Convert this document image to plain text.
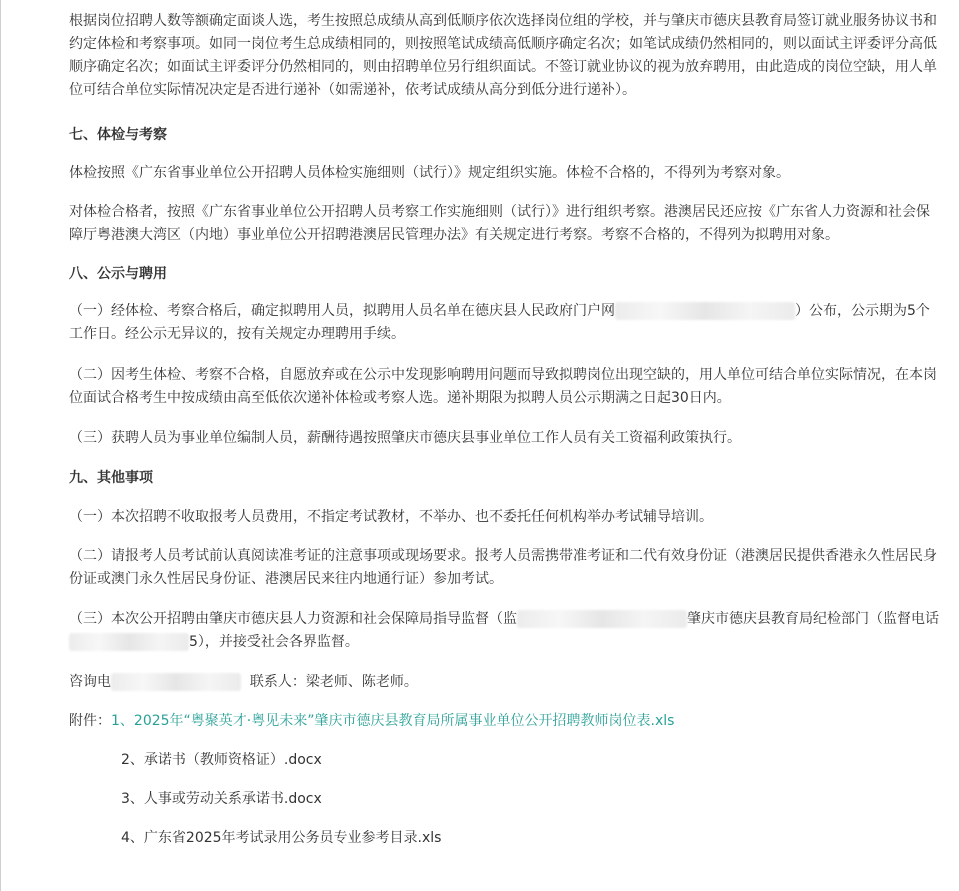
根据岗位招聘人数等额确定面谈人选，考生按照总成绩从高到低顺序依次选择岗位组的学校，并与肇庆市德庆县教育局签订就业服务协议书和约定体检和考察事项。如同一岗位考生总成绩相同的，则按照笔试成绩高低顺序确定名次；如笔试成绩仍然相同的，则以面试主评委评分高低顺序确定名次；如面试主评委评分仍然相同的，则由招聘单位另行组织面试。不签订就业协议的视为放弃聘用，由此造成的岗位空缺，用人单位可结合单位实际情况决定是否进行递补（如需递补，依考试成绩从高分到低分进行递补）。

七、体检与考察

体检按照《广东省事业单位公开招聘人员体检实施细则（试行）》规定组织实施。体检不合格的，不得列为考察对象。

对体检合格者，按照《广东省事业单位公开招聘人员考察工作实施细则（试行）》进行组织考察。港澳居民还应按《广东省人力资源和社会保障厅粤港澳大湾区（内地）事业单位公开招聘港澳居民管理办法》有关规定进行考察。考察不合格的，不得列为拟聘用对象。

八、公示与聘用

（一）经体检、考察合格后，确定拟聘用人员，拟聘用人员名单在德庆县人民政府门户网	）公布，公示期为5个工作日。经公示无异议的，按有关规定办理聘用手续。

（二）因考生体检、考察不合格，自愿放弃或在公示中发现影响聘用问题而导致拟聘岗位出现空缺的，用人单位可结合单位实际情况，在本岗位面试合格考生中按成绩由高至低依次递补体检或考察人选。递补期限为拟聘人员公示期满之日起30日内。

（三）获聘人员为事业单位编制人员，薪酬待遇按照肇庆市德庆县事业单位工作人员有关工资福利政策执行。

九、其他事项

（一）本次招聘不收取报考人员费用，不指定考试教材，不举办、也不委托任何机构举办考试辅导培训。

（二）请报考人员考试前认真阅读准考证的注意事项或现场要求。报考人员需携带准考证和二代有效身份证（港澳居民提供香港永久性居民身份证或澳门永久性居民身份证、港澳居民来往内地通行证）参加考试。

（三）本次公开招聘由肇庆市德庆县人力资源和社会保障局指导监督（监	肇庆市德庆县教育局纪检部门（监督电话5），并接受社会各界监督。

咨询电	联系人：梁老师、陈老师。

附件：1、2025年“粤聚英才·粤见未来”肇庆市德庆县教育局所属事业单位公开招聘教师岗位表.xls

2、承诺书（教师资格证）.docx
3、人事或劳动关系承诺书.docx
4、广东省2025年考试录用公务员专业参考目录.xls
